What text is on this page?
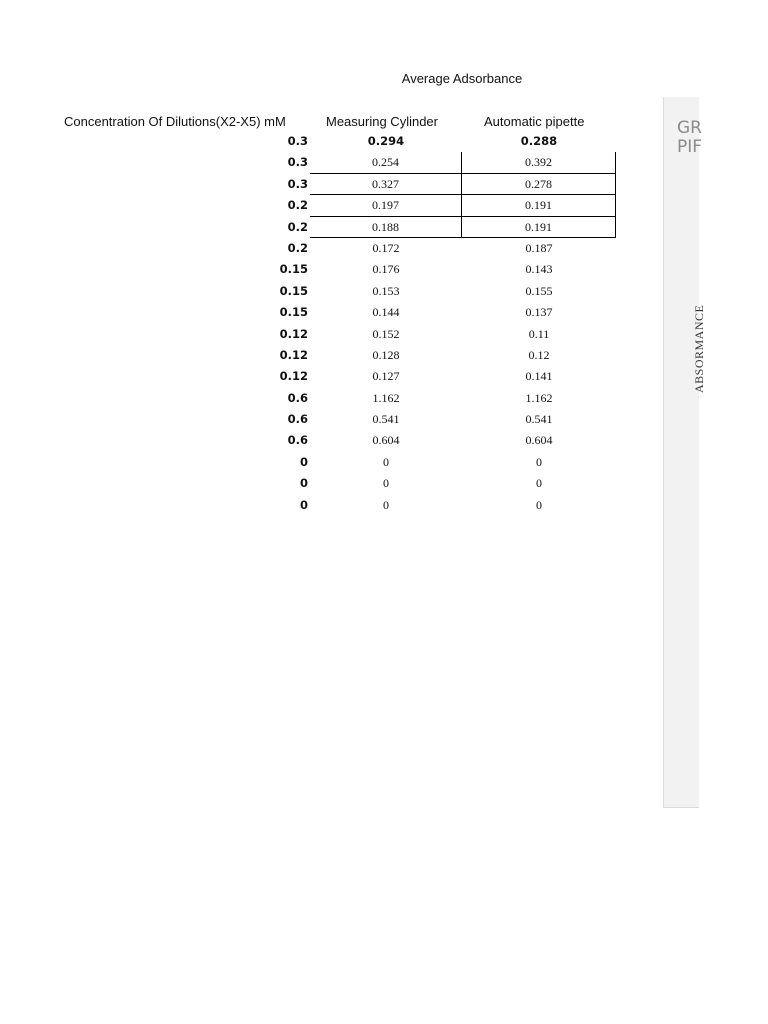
Average Adsorbance
Concentration Of Dilutions(X2-X5) mM	Measuring Cylinder	Automatic pipette
0.3	0.294	0.288
0.3	0.254	0.392
0.3	0.327	0.278
0.2	0.197	0.191
0.2	0.188	0.191
0.2	0.172	0.187
0.15	0.176	0.143
0.15	0.153	0.155
0.15	0.144	0.137
0.12	0.152	0.11
0.12	0.128	0.12
0.12	0.127	0.141
0.6	1.162	1.162
0.6	0.541	0.541
0.6	0.604	0.604
0	0	0
0	0	0
0	0	0
GR
PIF
ABSORMANCE
